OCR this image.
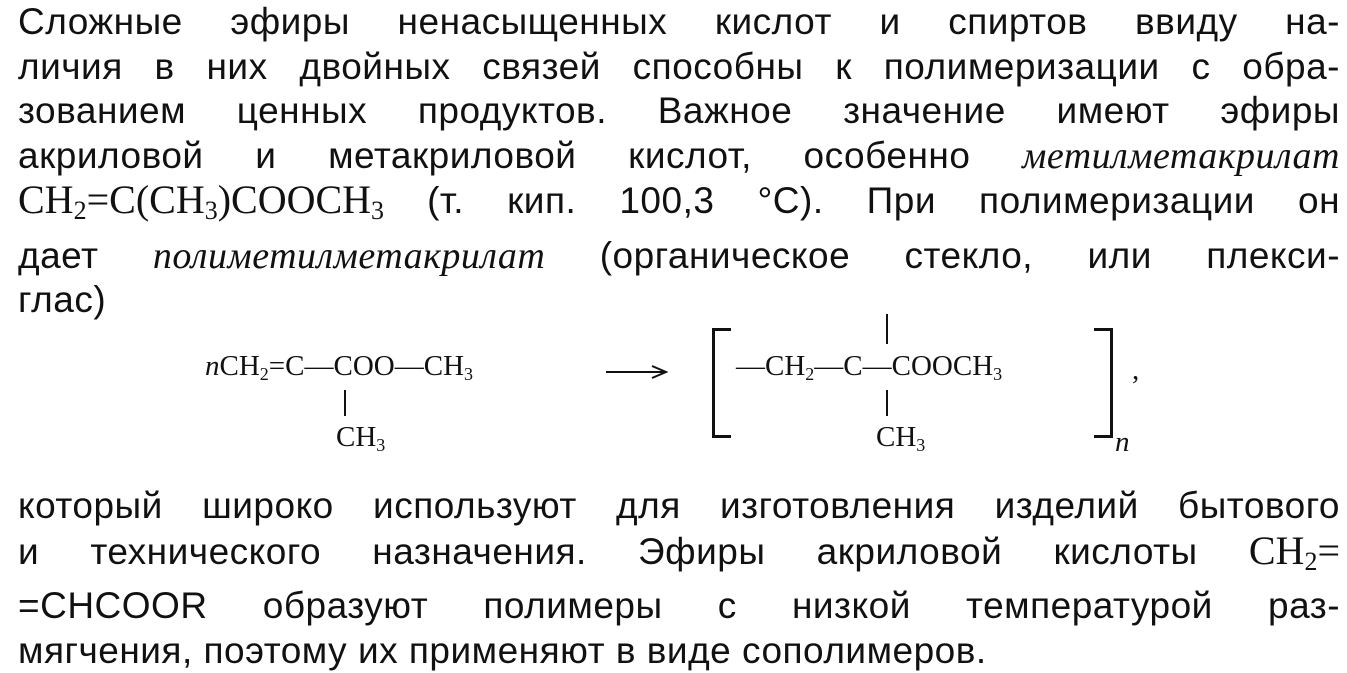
Сложные эфиры ненасыщенных кислот и спиртов ввиду на-
личия в них двойных связей способны к полимеризации с обра-
зованием ценных продуктов. Важное значение имеют эфиры
акриловой и метакриловой кислот, особенно метилметакрилат
$CH_2=C(CH_3)COOCH_3$ (т. кип. 100,3 °С). При полимеризации он
дает полиметилметакрилат (органическое стекло, или плекси-
глас)
$nCH_2=C—COO—CH_3$
$CH_3$
$—CH_2—C—COOCH_3$
$CH_3$	n
,
который широко используют для изготовления изделий бытового
и технического назначения. Эфиры акриловой кислоты $CH_2=$
=CHCOOR образуют полимеры с низкой температурой раз-
мягчения, поэтому их применяют в виде сополимеров.
